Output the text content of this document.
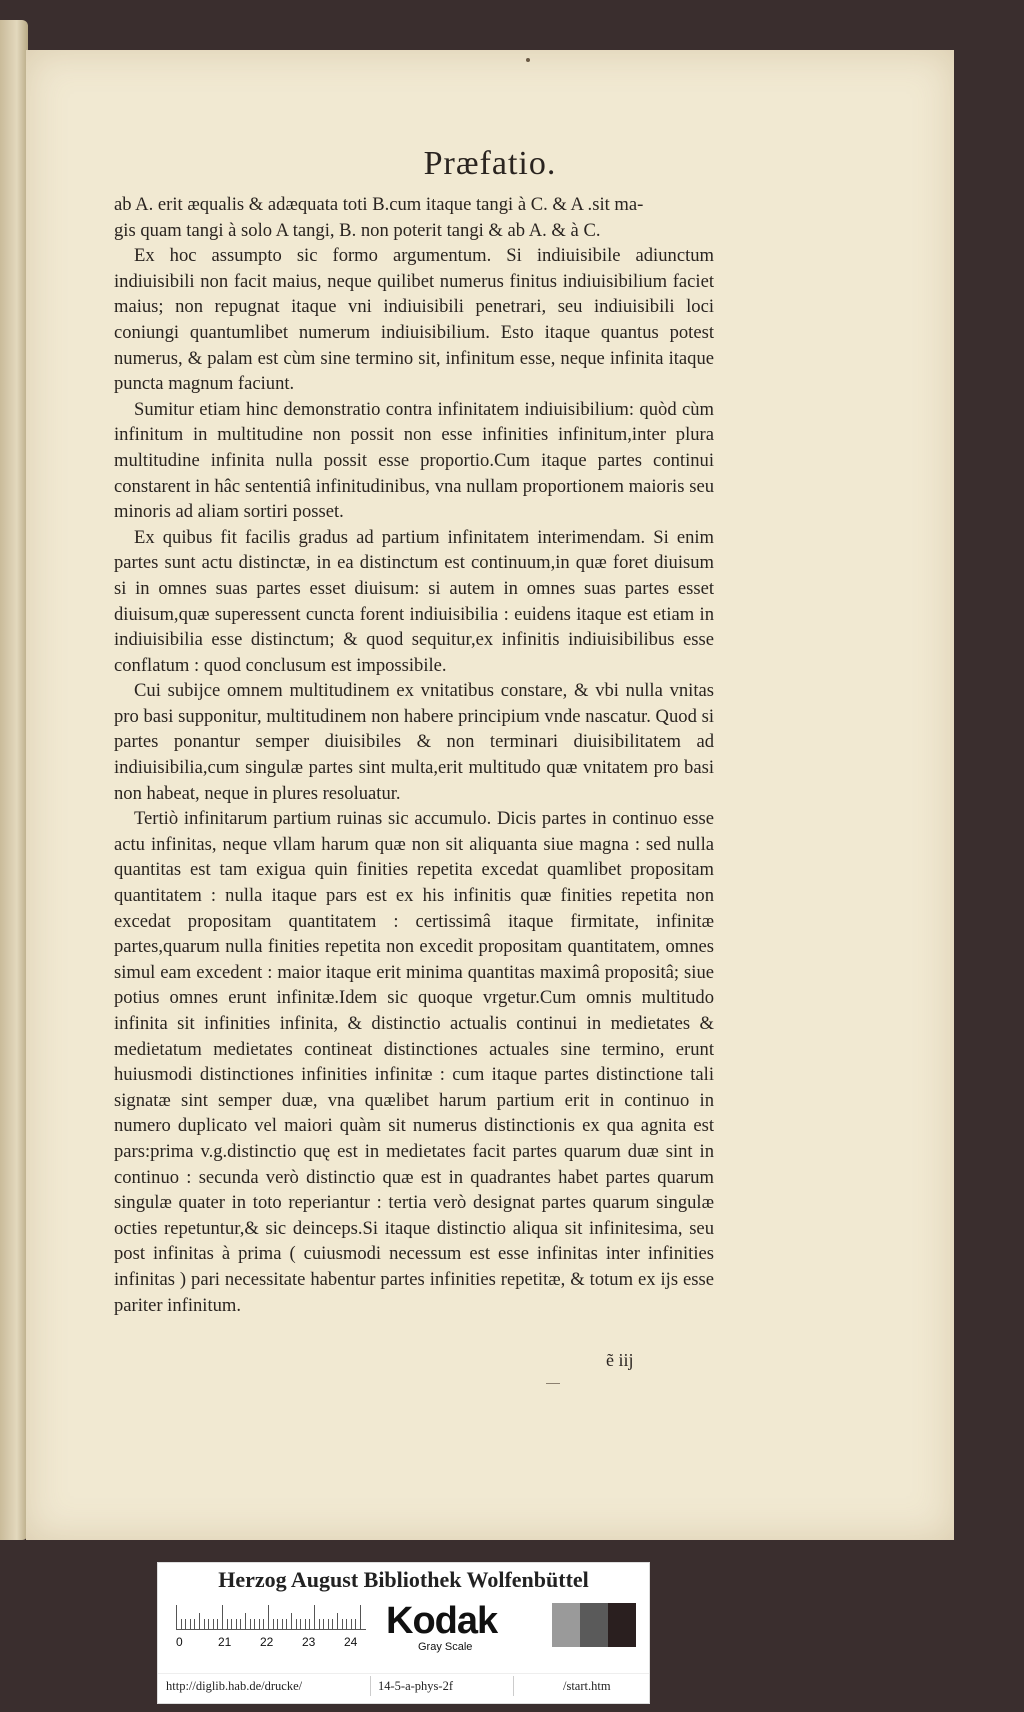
Præfatio.

ab A. erit æqualis & adæquata toti B.cum itaque tangi à C. & A .sit ma-

gis quam tangi à solo A tangi, B. non poterit tangi & ab A. & à C.

Ex hoc assumpto sic formo argumentum. Si indiuisibile adiunctum indiuisibili non facit maius, neque quilibet numerus finitus indiuisibilium faciet maius; non repugnat itaque vni indiuisibili penetrari, seu indiuisibili loci coniungi quantumlibet numerum indiuisibilium. Esto itaque quantus potest numerus, & palam est cùm sine termino sit, infinitum esse, neque infinita itaque puncta magnum faciunt.

Sumitur etiam hinc demonstratio contra infinitatem indiuisibilium: quòd cùm infinitum in multitudine non possit non esse infinities infinitum,inter plura multitudine infinita nulla possit esse proportio.Cum itaque partes continui constarent in hâc sententiâ infinitudinibus, vna nullam proportionem maioris seu minoris ad aliam sortiri posset.

Ex quibus fit facilis gradus ad partium infinitatem interimendam. Si enim partes sunt actu distinctæ, in ea distinctum est continuum,in quæ foret diuisum si in omnes suas partes esset diuisum: si autem in omnes suas partes esset diuisum,quæ superessent cuncta forent indiuisibilia : euidens itaque est etiam in indiuisibilia esse distinctum; & quod sequitur,ex infinitis indiuisibilibus esse conflatum : quod conclusum est impossibile.

Cui subijce omnem multitudinem ex vnitatibus constare, & vbi nulla vnitas pro basi supponitur, multitudinem non habere principium vnde nascatur. Quod si partes ponantur semper diuisibiles & non terminari diuisibilitatem ad indiuisibilia,cum singulæ partes sint multa,erit multitudo quæ vnitatem pro basi non habeat, neque in plures resoluatur.

Tertiò infinitarum partium ruinas sic accumulo. Dicis partes in continuo esse actu infinitas, neque vllam harum quæ non sit aliquanta siue magna : sed nulla quantitas est tam exigua quin finities repetita excedat quamlibet propositam quantitatem : nulla itaque pars est ex his infinitis quæ finities repetita non excedat propositam quantitatem : certissimâ itaque firmitate, infinitæ partes,quarum nulla finities repetita non excedit propositam quantitatem, omnes simul eam excedent : maior itaque erit minima quantitas maximâ propositâ; siue potius omnes erunt infinitæ.Idem sic quoque vrgetur.Cum omnis multitudo infinita sit infinities infinita, & distinctio actualis continui in medietates & medietatum medietates contineat distinctiones actuales sine termino, erunt huiusmodi distinctiones infinities infinitæ : cum itaque partes distinctione tali signatæ sint semper duæ, vna quælibet harum partium erit in continuo in numero duplicato vel maiori quàm sit numerus distinctionis ex qua agnita est pars:prima v.g.distinctio quę est in medietates facit partes quarum duæ sint in continuo : secunda verò distinctio quæ est in quadrantes habet partes quarum singulæ quater in toto reperiantur : tertia verò designat partes quarum singulæ octies repetuntur,& sic deinceps.Si itaque distinctio aliqua sit infinitesima, seu post infinitas à prima ( cuiusmodi necessum est esse infinitas inter infinities infinitas ) pari necessitate habentur partes infinities repetitæ, & totum ex ijs esse pariter infinitum.

ẽ iij
Herzog August Bibliothek Wolfenbüttel
0	21 22 23 24 Kodak
Gray Scale
http://diglib.hab.de/drucke/	14-5-a-phys-2f	/start.htm
